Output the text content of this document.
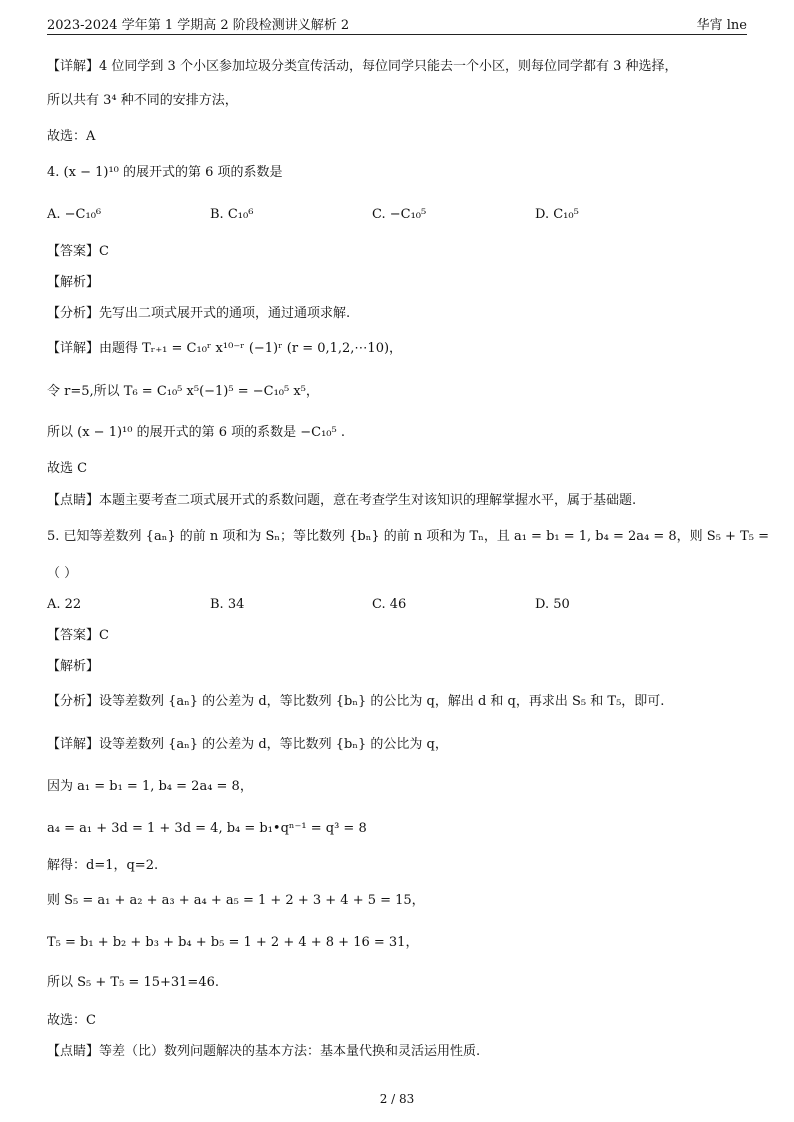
2023-2024 学年第 1 学期高 2 阶段检测讲义解析 2	华宵 lne
【详解】4 位同学到 3 个小区参加垃圾分类宣传活动，每位同学只能去一个小区，则每位同学都有 3 种选择，
所以共有 3⁴ 种不同的安排方法，
故选：A
4. (x − 1)¹⁰ 的展开式的第 6 项的系数是
A. −C₁₀⁶	B. C₁₀⁶	C. −C₁₀⁵	D. C₁₀⁵
【答案】C
【解析】
【分析】先写出二项式展开式的通项，通过通项求解.
【详解】由题得 Tᵣ₊₁ = C₁₀ʳ x¹⁰⁻ʳ (−1)ʳ (r = 0,1,2,⋯10)，
令 r=5,所以 T₆ = C₁₀⁵ x⁵(−1)⁵ = −C₁₀⁵ x⁵，
所以 (x − 1)¹⁰ 的展开式的第 6 项的系数是 −C₁₀⁵ .
故选 C
【点睛】本题主要考查二项式展开式的系数问题，意在考查学生对该知识的理解掌握水平，属于基础题.
5. 已知等差数列 {aₙ} 的前 n 项和为 Sₙ；等比数列 {bₙ} 的前 n 项和为 Tₙ，且 a₁ = b₁ = 1, b₄ = 2a₄ = 8，则 S₅ + T₅ =
（ ）
A. 22	B. 34	C. 46	D. 50
【答案】C
【解析】
【分析】设等差数列 {aₙ} 的公差为 d，等比数列 {bₙ} 的公比为 q，解出 d 和 q，再求出 S₅ 和 T₅，即可.
【详解】设等差数列 {aₙ} 的公差为 d，等比数列 {bₙ} 的公比为 q，
因为 a₁ = b₁ = 1, b₄ = 2a₄ = 8，
a₄ = a₁ + 3d = 1 + 3d = 4, b₄ = b₁•qⁿ⁻¹ = q³ = 8
解得：d=1，q=2.
则 S₅ = a₁ + a₂ + a₃ + a₄ + a₅ = 1 + 2 + 3 + 4 + 5 = 15，
T₅ = b₁ + b₂ + b₃ + b₄ + b₅ = 1 + 2 + 4 + 8 + 16 = 31，
所以 S₅ + T₅ = 15+31=46.
故选：C
【点睛】等差（比）数列问题解决的基本方法：基本量代换和灵活运用性质.
2 / 83
